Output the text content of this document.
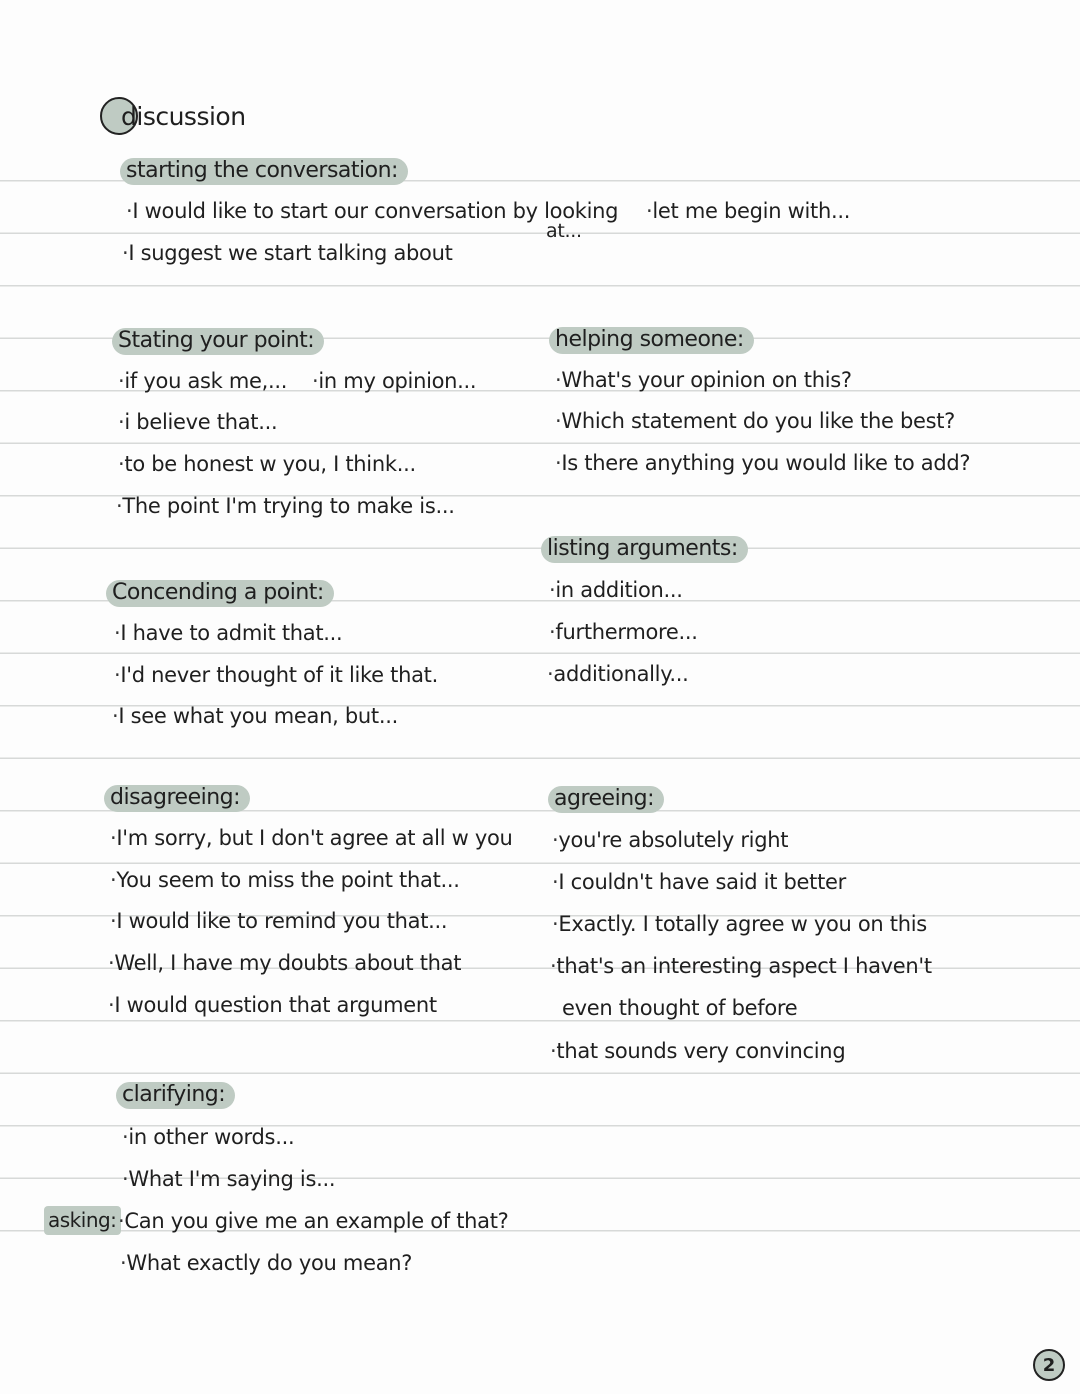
discussion
starting the conversation:
·I would like to start our conversation by looking
at...
·let me begin with...
·I suggest we start talking about
Stating your point:
·if you ask me,... ·in my opinion...
·i believe that...
·to be honest w you, I think...
·The point I'm trying to make is...
helping someone:
·What's your opinion on this?
·Which statement do you like the best?
·Is there anything you would like to add?
listing arguments:
·in addition...
·furthermore...
·additionally...
Concending a point:
·I have to admit that...
·I'd never thought of it like that.
·I see what you mean, but...
disagreeing:
·I'm sorry, but I don't agree at all w you
·You seem to miss the point that...
·I would like to remind you that...
·Well, I have my doubts about that
·I would question that argument
agreeing:
·you're absolutely right
·I couldn't have said it better
·Exactly. I totally agree w you on this
·that's an interesting aspect I haven't
even thought of before
·that sounds very convincing
clarifying:
·in other words...
·What I'm saying is...
asking: ·Can you give me an example of that?
·What exactly do you mean?
2
